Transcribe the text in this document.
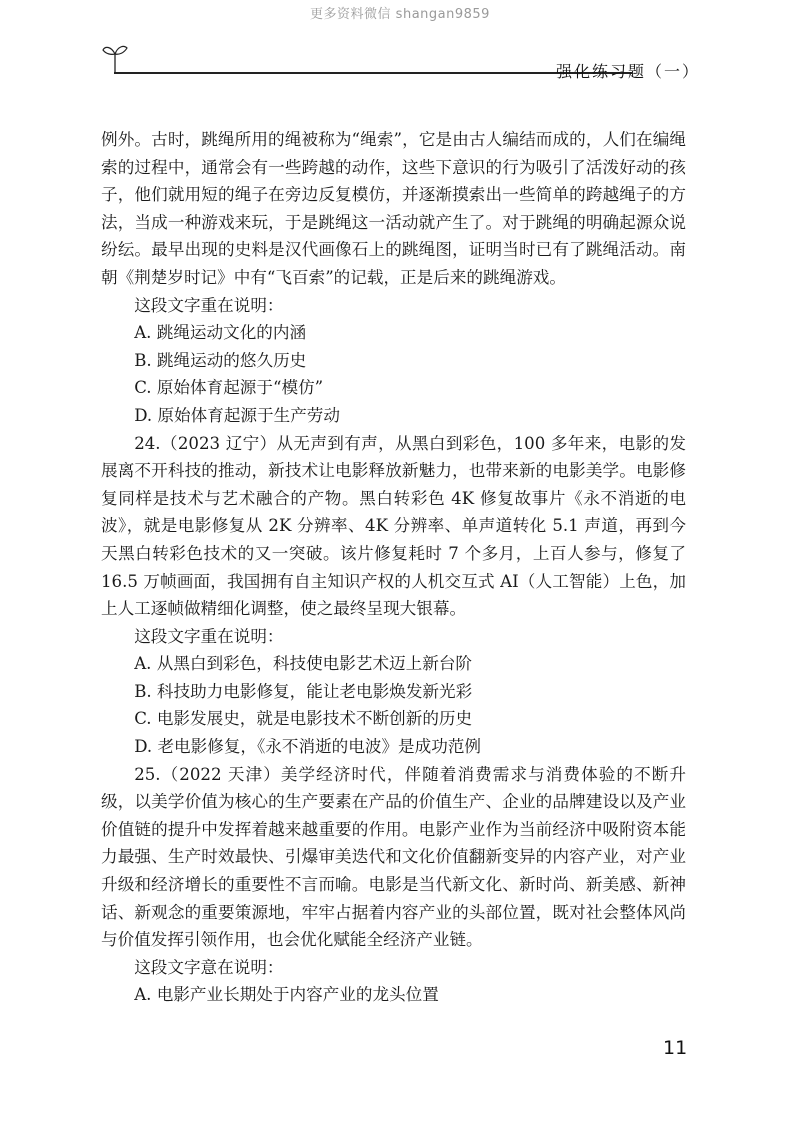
更多资料微信 shangan9859
强化练习题（一）

例外。古时，跳绳所用的绳被称为“绳索”，它是由古人编结而成的，人们在编绳索的过程中，通常会有一些跨越的动作，这些下意识的行为吸引了活泼好动的孩子，他们就用短的绳子在旁边反复模仿，并逐渐摸索出一些简单的跨越绳子的方法，当成一种游戏来玩，于是跳绳这一活动就产生了。对于跳绳的明确起源众说纷纭。最早出现的史料是汉代画像石上的跳绳图，证明当时已有了跳绳活动。南朝《荆楚岁时记》中有“飞百索”的记载，正是后来的跳绳游戏。

这段文字重在说明：

A. 跳绳运动文化的内涵

B. 跳绳运动的悠久历史

C. 原始体育起源于“模仿”

D. 原始体育起源于生产劳动

24.（2023 辽宁）从无声到有声，从黑白到彩色，100 多年来，电影的发展离不开科技的推动，新技术让电影释放新魅力，也带来新的电影美学。电影修复同样是技术与艺术融合的产物。黑白转彩色 4K 修复故事片《永不消逝的电波》，就是电影修复从 2K 分辨率、4K 分辨率、单声道转化 5.1 声道，再到今天黑白转彩色技术的又一突破。该片修复耗时 7 个多月，上百人参与，修复了 16.5 万帧画面，我国拥有自主知识产权的人机交互式 AI（人工智能）上色，加上人工逐帧做精细化调整，使之最终呈现大银幕。

这段文字重在说明：

A. 从黑白到彩色，科技使电影艺术迈上新台阶

B. 科技助力电影修复，能让老电影焕发新光彩

C. 电影发展史，就是电影技术不断创新的历史

D. 老电影修复，《永不消逝的电波》是成功范例

25.（2022 天津）美学经济时代，伴随着消费需求与消费体验的不断升级，以美学价值为核心的生产要素在产品的价值生产、企业的品牌建设以及产业价值链的提升中发挥着越来越重要的作用。电影产业作为当前经济中吸附资本能力最强、生产时效最快、引爆审美迭代和文化价值翻新变异的内容产业，对产业升级和经济增长的重要性不言而喻。电影是当代新文化、新时尚、新美感、新神话、新观念的重要策源地，牢牢占据着内容产业的头部位置，既对社会整体风尚与价值发挥引领作用，也会优化赋能全经济产业链。

这段文字意在说明：

A. 电影产业长期处于内容产业的龙头位置

11
